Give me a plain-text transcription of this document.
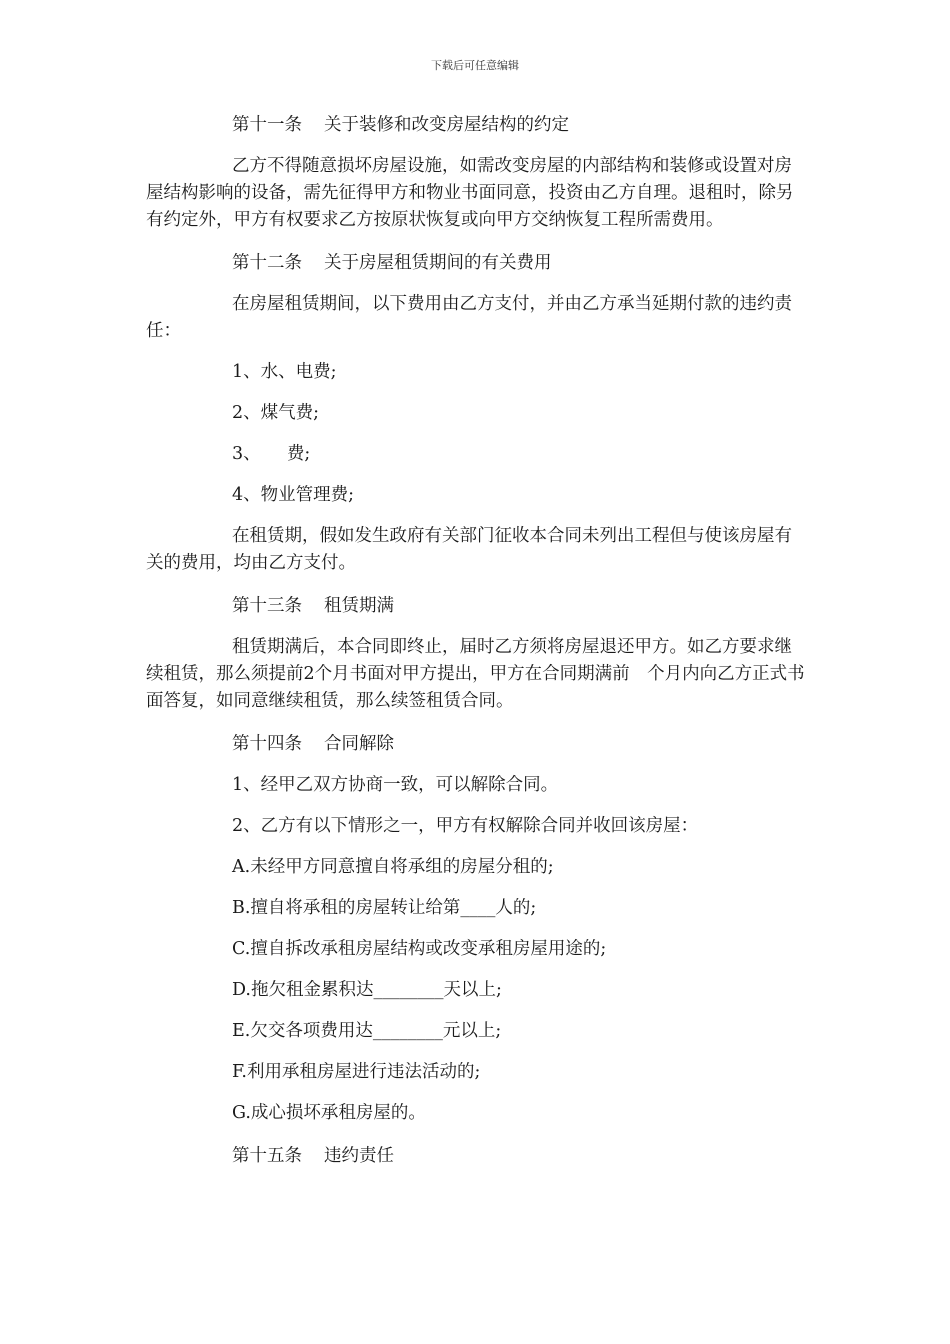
下载后可任意编辑

第十一条 关于装修和改变房屋结构的约定

乙方不得随意损坏房屋设施，如需改变房屋的内部结构和装修或设置对房屋结构影响的设备，需先征得甲方和物业书面同意，投资由乙方自理。退租时，除另有约定外，甲方有权要求乙方按原状恢复或向甲方交纳恢复工程所需费用。

第十二条 关于房屋租赁期间的有关费用

在房屋租赁期间，以下费用由乙方支付，并由乙方承当延期付款的违约责任：

1、水、电费;

2、煤气费;

3、　　费;

4、物业管理费;

在租赁期，假如发生政府有关部门征收本合同未列出工程但与使该房屋有关的费用，均由乙方支付。

第十三条 租赁期满

租赁期满后，本合同即终止，届时乙方须将房屋退还甲方。如乙方要求继续租赁，那么须提前2个月书面对甲方提出，甲方在合同期满前　个月内向乙方正式书面答复，如同意继续租赁，那么续签租赁合同。

第十四条 合同解除

1、经甲乙双方协商一致，可以解除合同。

2、乙方有以下情形之一，甲方有权解除合同并收回该房屋：

A.未经甲方同意擅自将承组的房屋分租的;

B.擅自将承租的房屋转让给第____人的;

C.擅自拆改承租房屋结构或改变承租房屋用途的;

D.拖欠租金累积达________天以上;

E.欠交各项费用达________元以上;

F.利用承租房屋进行违法活动的;

G.成心损坏承租房屋的。

第十五条 违约责任
